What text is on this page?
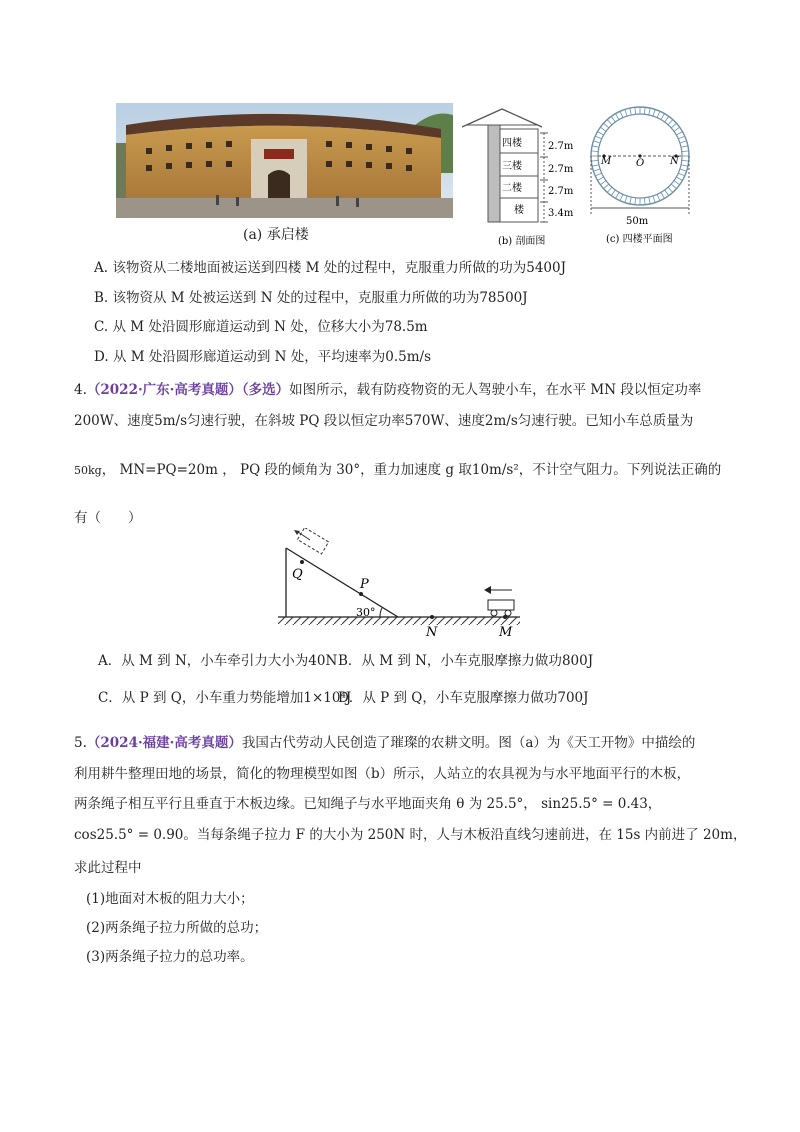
(a) 承启楼
四楼
三楼
二楼
楼
2.7m
2.7m
2.7m
3.4m
(b) 剖面图
M O	N
50m
(c) 四楼平面图
A. 该物资从二楼地面被运送到四楼 M 处的过程中，克服重力所做的功为5400J
B. 该物资从 M 处被运送到 N 处的过程中，克服重力所做的功为78500J
C. 从 M 处沿圆形廊道运动到 N 处，位移大小为78.5m
D. 从 M 处沿圆形廊道运动到 N 处，平均速率为0.5m/s
4.（2022·广东·高考真题）（多选）如图所示，载有防疫物资的无人驾驶小车，在水平 MN 段以恒定功率
200W、速度5m/s匀速行驶，在斜坡 PQ 段以恒定功率570W、速度2m/s匀速行驶。已知小车总质量为
50kg， MN=PQ=20m ， PQ 段的倾角为 30°，重力加速度 g 取10m/s²，不计空气阻力。下列说法正确的
有（　　）
Q
P
30°
N	M
A．从 M 到 N，小车牵引力大小为40N B．从 M 到 N，小车克服摩擦力做功800J
C．从 P 到 Q，小车重力势能增加1×10⁴J
D．从 P 到 Q，小车克服摩擦力做功700J
5.（2024·福建·高考真题）我国古代劳动人民创造了璀璨的农耕文明。图（a）为《天工开物》中描绘的
利用耕牛整理田地的场景，简化的物理模型如图（b）所示，人站立的农具视为与水平地面平行的木板，
两条绳子相互平行且垂直于木板边缘。已知绳子与水平地面夹角 θ 为 25.5°， sin25.5° = 0.43，
cos25.5° = 0.90。当每条绳子拉力 F 的大小为 250N 时，人与木板沿直线匀速前进，在 15s 内前进了 20m，
求此过程中
(1)地面对木板的阻力大小；
(2)两条绳子拉力所做的总功；
(3)两条绳子拉力的总功率。
